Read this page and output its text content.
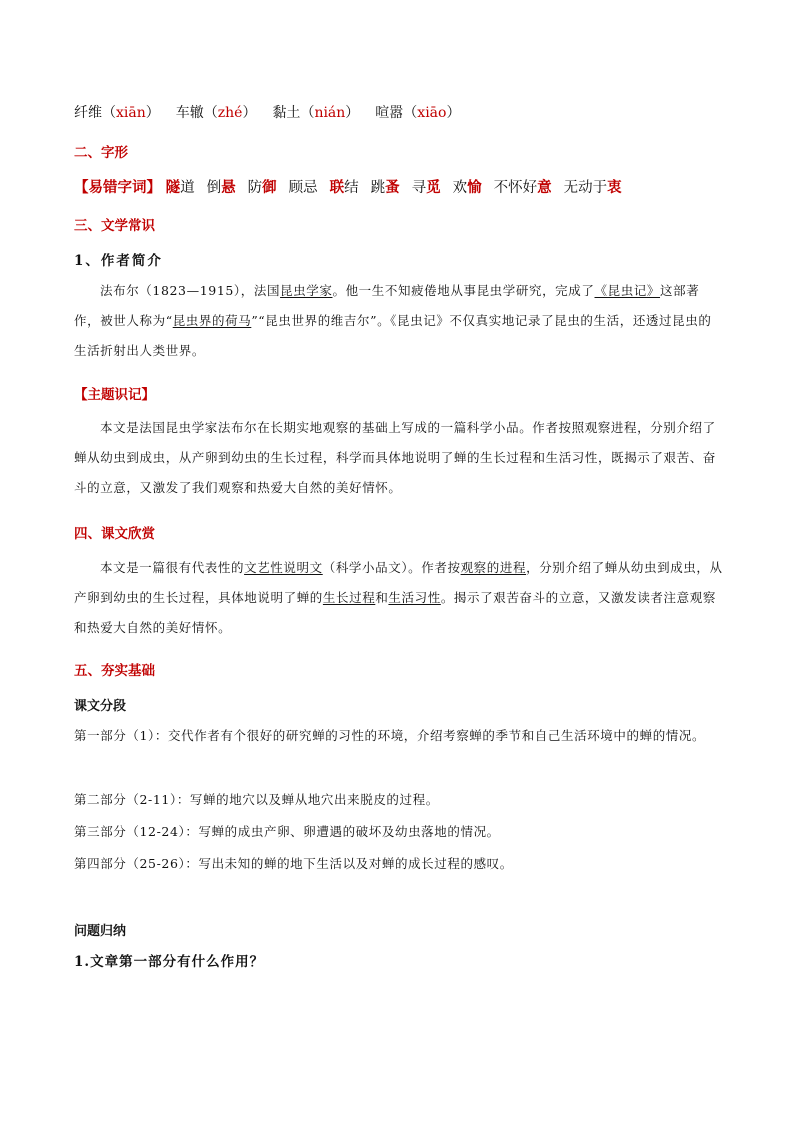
纤维（xiān） 车辙（zhé） 黏土（nián） 喧嚣（xiāo）
二、字形
【易错字词】 隧道 倒悬 防御 顾忌 联结 跳蚤 寻觅 欢愉 不怀好意 无动于衷
三、文学常识
1、作者简介
法布尔（1823—1915），法国昆虫学家。他一生不知疲倦地从事昆虫学研究，完成了《昆虫记》这部著作，被世人称为“昆虫界的荷马”“昆虫世界的维吉尔”。《昆虫记》不仅真实地记录了昆虫的生活，还透过昆虫的生活折射出人类世界。
【主题识记】
本文是法国昆虫学家法布尔在长期实地观察的基础上写成的一篇科学小品。作者按照观察进程，分别介绍了蝉从幼虫到成虫，从产卵到幼虫的生长过程，科学而具体地说明了蝉的生长过程和生活习性，既揭示了艰苦、奋斗的立意，又激发了我们观察和热爱大自然的美好情怀。
四、课文欣赏
本文是一篇很有代表性的文艺性说明文（科学小品文）。作者按观察的进程，分别介绍了蝉从幼虫到成虫，从产卵到幼虫的生长过程，具体地说明了蝉的生长过程和生活习性。揭示了艰苦奋斗的立意，又激发读者注意观察和热爱大自然的美好情怀。
五、夯实基础
课文分段
第一部分（1）：交代作者有个很好的研究蝉的习性的环境，介绍考察蝉的季节和自己生活环境中的蝉的情况。
第二部分（2-11）：写蝉的地穴以及蝉从地穴出来脱皮的过程。
第三部分（12-24）：写蝉的成虫产卵、卵遭遇的破坏及幼虫落地的情况。
第四部分（25-26）：写出未知的蝉的地下生活以及对蝉的成长过程的感叹。
问题归纳
1.文章第一部分有什么作用？
